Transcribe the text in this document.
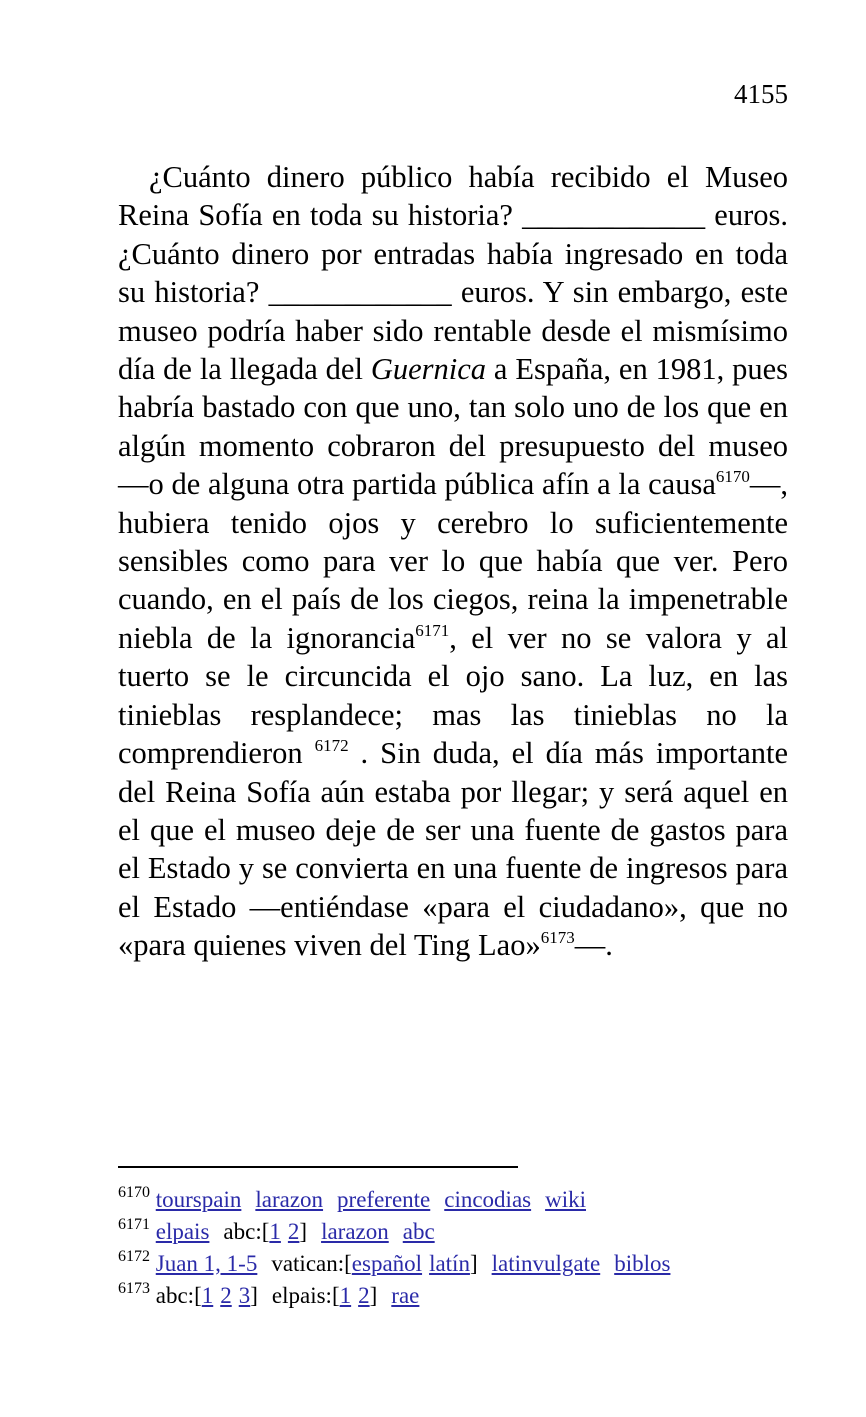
4155

¿Cuánto dinero público había recibido el Museo Reina Sofía en toda su historia? ____________ euros. ¿Cuánto dinero por entradas había ingresado en toda su historia? ____________ euros. Y sin embargo, este museo podría haber sido rentable desde el mismísimo día de la llegada del Guernica a España, en 1981, pues habría bastado con que uno, tan solo uno de los que en algún momento cobraron del presupuesto del museo —o de alguna otra partida pública afín a la causa$^{6170}$—, hubiera tenido ojos y cerebro lo suficientemente sensibles como para ver lo que había que ver. Pero cuando, en el país de los ciegos, reina la impenetrable niebla de la ignorancia$^{6171}$, el ver no se valora y al tuerto se le circuncida el ojo sano. La luz, en las tinieblas resplandece; mas las tinieblas no la comprendieron $^{6172}$ . Sin duda, el día más importante del Reina Sofía aún estaba por llegar; y será aquel en el que el museo deje de ser una fuente de gastos para el Estado y se convierta en una fuente de ingresos para el Estado —entiéndase «para el ciudadano», que no «para quienes viven del Ting Lao»$^{6173}$—.

$^{6170}$ tourspain larazon preferente cincodias wiki
$^{6171}$ elpais abc:[1 2] larazon abc
$^{6172}$ Juan 1, 1-5 vatican:[español latín] latinvulgate biblos
$^{6173}$ abc:[1 2 3] elpais:[1 2] rae
